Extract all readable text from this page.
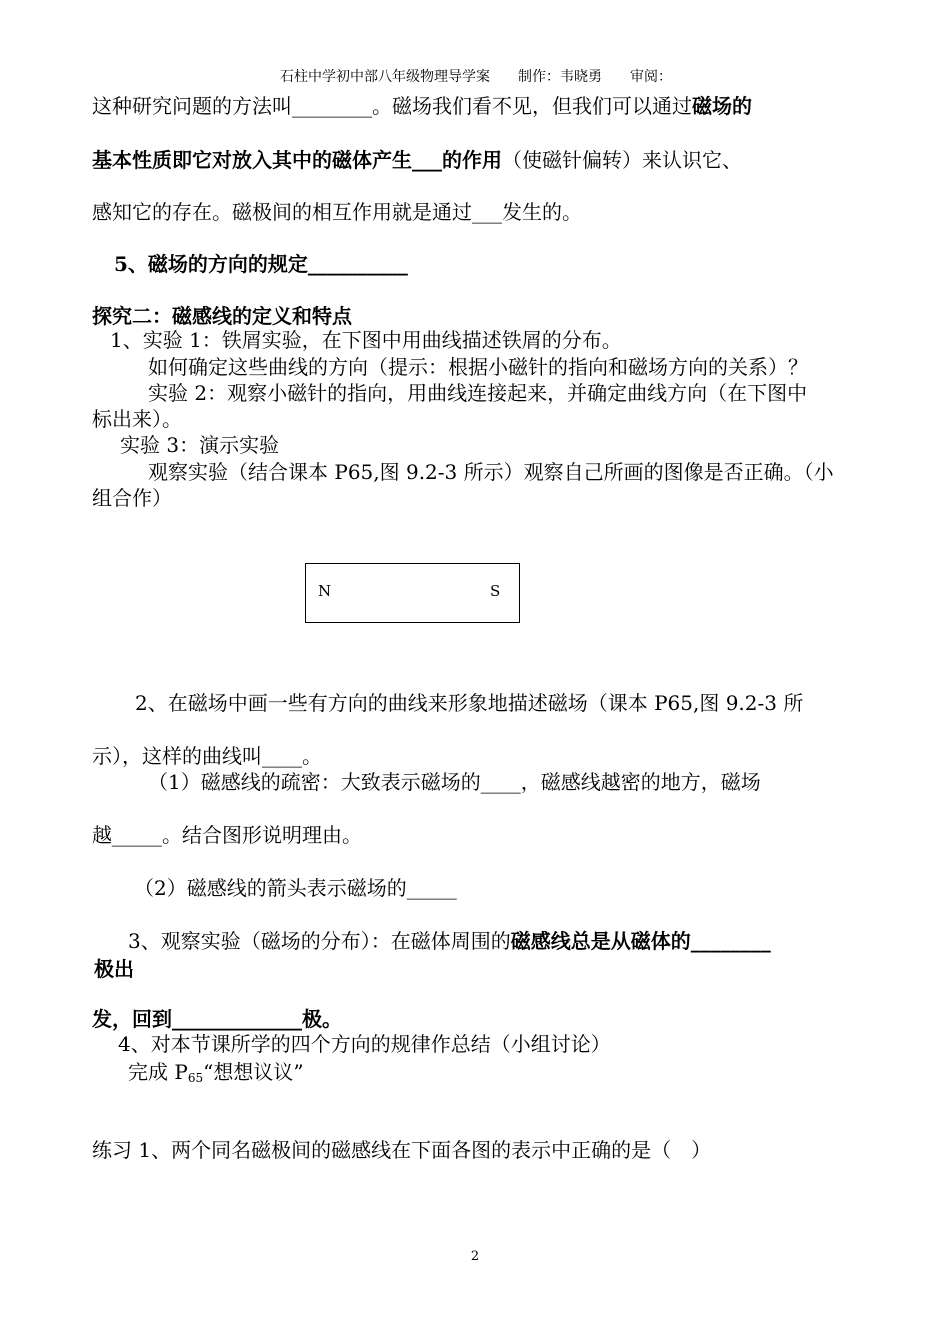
石柱中学初中部八年级物理导学案　　制作：韦晓勇　　审阅：
这种研究问题的方法叫________。磁场我们看不见，但我们可以通过磁场的
基本性质即它对放入其中的磁体产生___的作用（使磁针偏转）来认识它、
感知它的存在。磁极间的相互作用就是通过___发生的。
5、磁场的方向的规定__________
探究二：磁感线的定义和特点
1、实验 1：铁屑实验，在下图中用曲线描述铁屑的分布。
如何确定这些曲线的方向（提示：根据小磁针的指向和磁场方向的关系）？
实验 2：观察小磁针的指向，用曲线连接起来，并确定曲线方向（在下图中
标出来）。
实验 3：演示实验
观察实验（结合课本 P65,图 9.2-3 所示）观察自己所画的图像是否正确。（小
组合作）
N	S
2、在磁场中画一些有方向的曲线来形象地描述磁场（课本 P65,图 9.2-3 所
示），这样的曲线叫____。
（1）磁感线的疏密：大致表示磁场的____，磁感线越密的地方，磁场
越_____。结合图形说明理由。
（2）磁感线的箭头表示磁场的_____
3、观察实验（磁场的分布）：在磁体周围的磁感线总是从磁体的________
极出
发，回到_____________极。
4、对本节课所学的四个方向的规律作总结（小组讨论）
完成 $P_{65}“$想想议议”
练习 1、两个同名磁极间的磁感线在下面各图的表示中正确的是（　）
2
